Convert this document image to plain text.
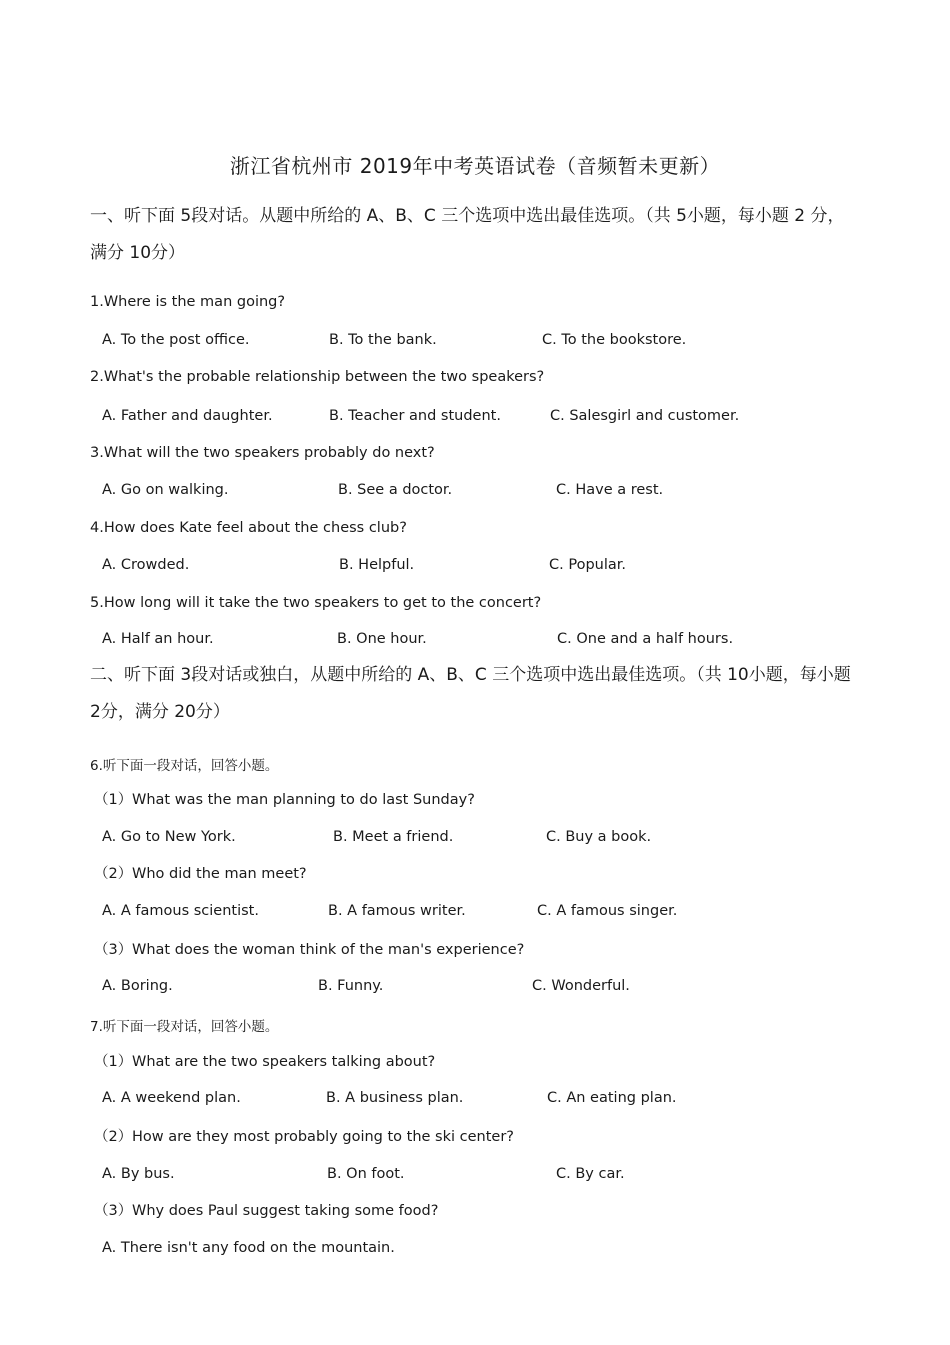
浙江省杭州市 2019年中考英语试卷（音频暂未更新）
一、听下面 5段对话。从题中所给的 A、B、C 三个选项中选出最佳选项。（共 5小题，每小题 2 分，满分 10分）
1.Where is the man going?
A. To the post office.	B. To the bank.	C. To the bookstore.
2.What's the probable relationship between the two speakers?
A. Father and daughter.	B. Teacher and student.	C. Salesgirl and customer.
3.What will the two speakers probably do next?
A. Go on walking.	B. See a doctor.	C. Have a rest.
4.How does Kate feel about the chess club?
A. Crowded.	B. Helpful.	C. Popular.
5.How long will it take the two speakers to get to the concert?
A. Half an hour.	B. One hour.	C. One and a half hours.
二、听下面 3段对话或独白，从题中所给的 A、B、C 三个选项中选出最佳选项。（共 10小题，每小题 2分，满分 20分）
6.听下面一段对话，回答小题。
（1）What was the man planning to do last Sunday?
A. Go to New York.	B. Meet a friend.	C. Buy a book.
（2）Who did the man meet?
A. A famous scientist.	B. A famous writer.	C. A famous singer.
（3）What does the woman think of the man's experience?
A. Boring.	B. Funny.	C. Wonderful.
7.听下面一段对话，回答小题。
（1）What are the two speakers talking about?
A. A weekend plan.	B. A business plan.	C. An eating plan.
（2）How are they most probably going to the ski center?
A. By bus.	B. On foot.	C. By car.
（3）Why does Paul suggest taking some food?
A. There isn't any food on the mountain.
